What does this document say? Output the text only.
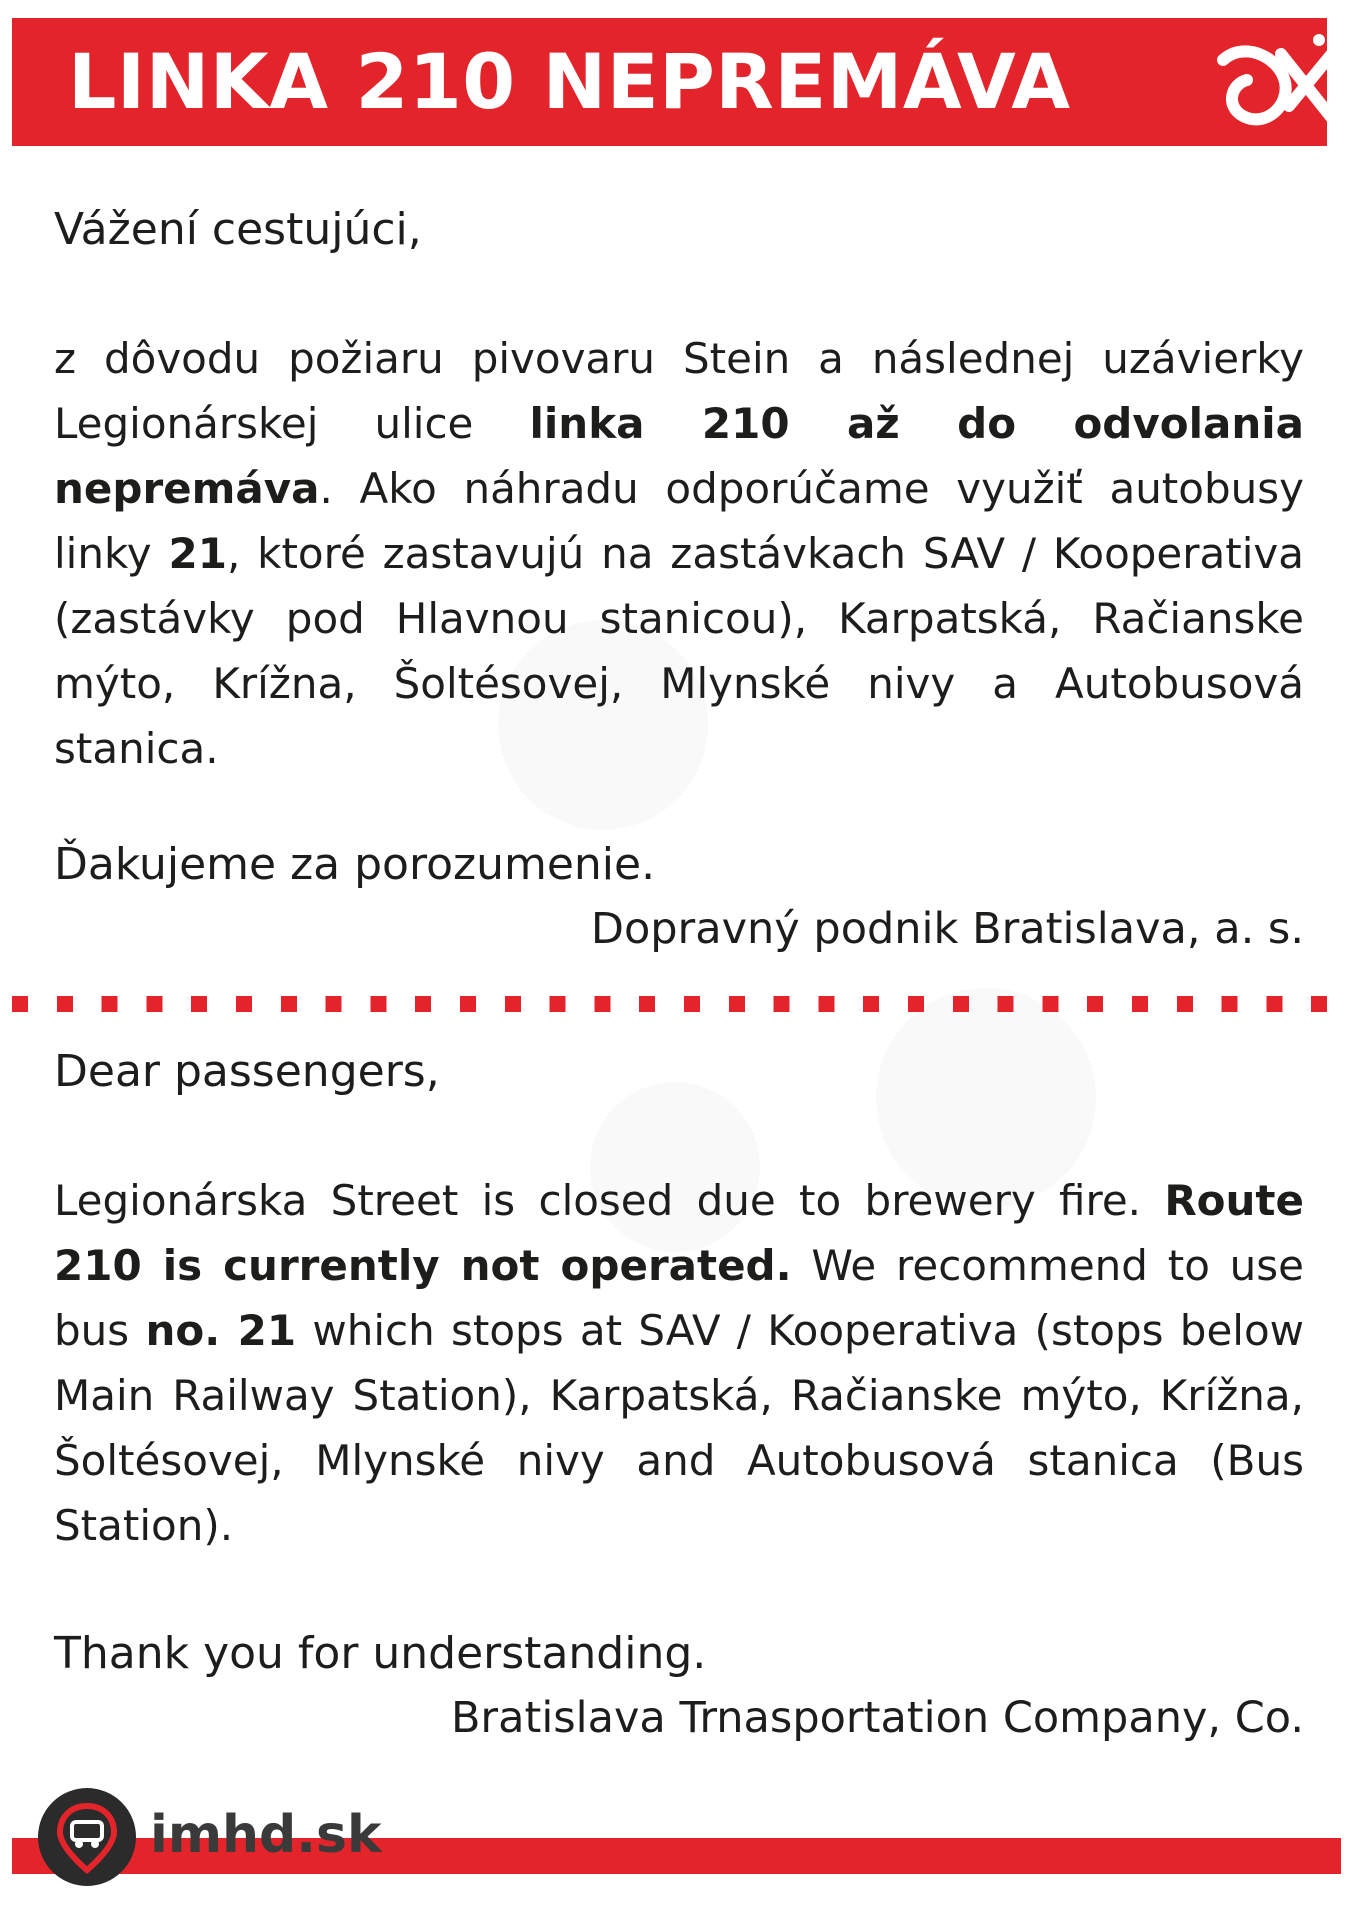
LINKA 210 NEPREMÁVA

Vážení cestujúci,

z dôvodu požiaru pivovaru Stein a následnej uzávierky Legionárskej ulice linka 210 až do odvolania nepremáva. Ako náhradu odporúčame využiť autobusy linky 21, ktoré zastavujú na zastávkach SAV / Kooperativa (zastávky pod Hlavnou stanicou), Karpatská, Račianske mýto, Krížna, Šoltésovej, Mlynské nivy a Autobusová stanica.

Ďakujeme za porozumenie.

Dopravný podnik Bratislava, a. s.

Dear passengers,

Legionárska Street is closed due to brewery fire. Route 210 is currently not operated. We recommend to use bus no. 21 which stops at SAV / Kooperativa (stops below Main Railway Station), Karpatská, Račianske mýto, Krížna, Šoltésovej, Mlynské nivy and Autobusová stanica (Bus Station).

Thank you for understanding.

Bratislava Trnasportation Company, Co.

imhd.sk
